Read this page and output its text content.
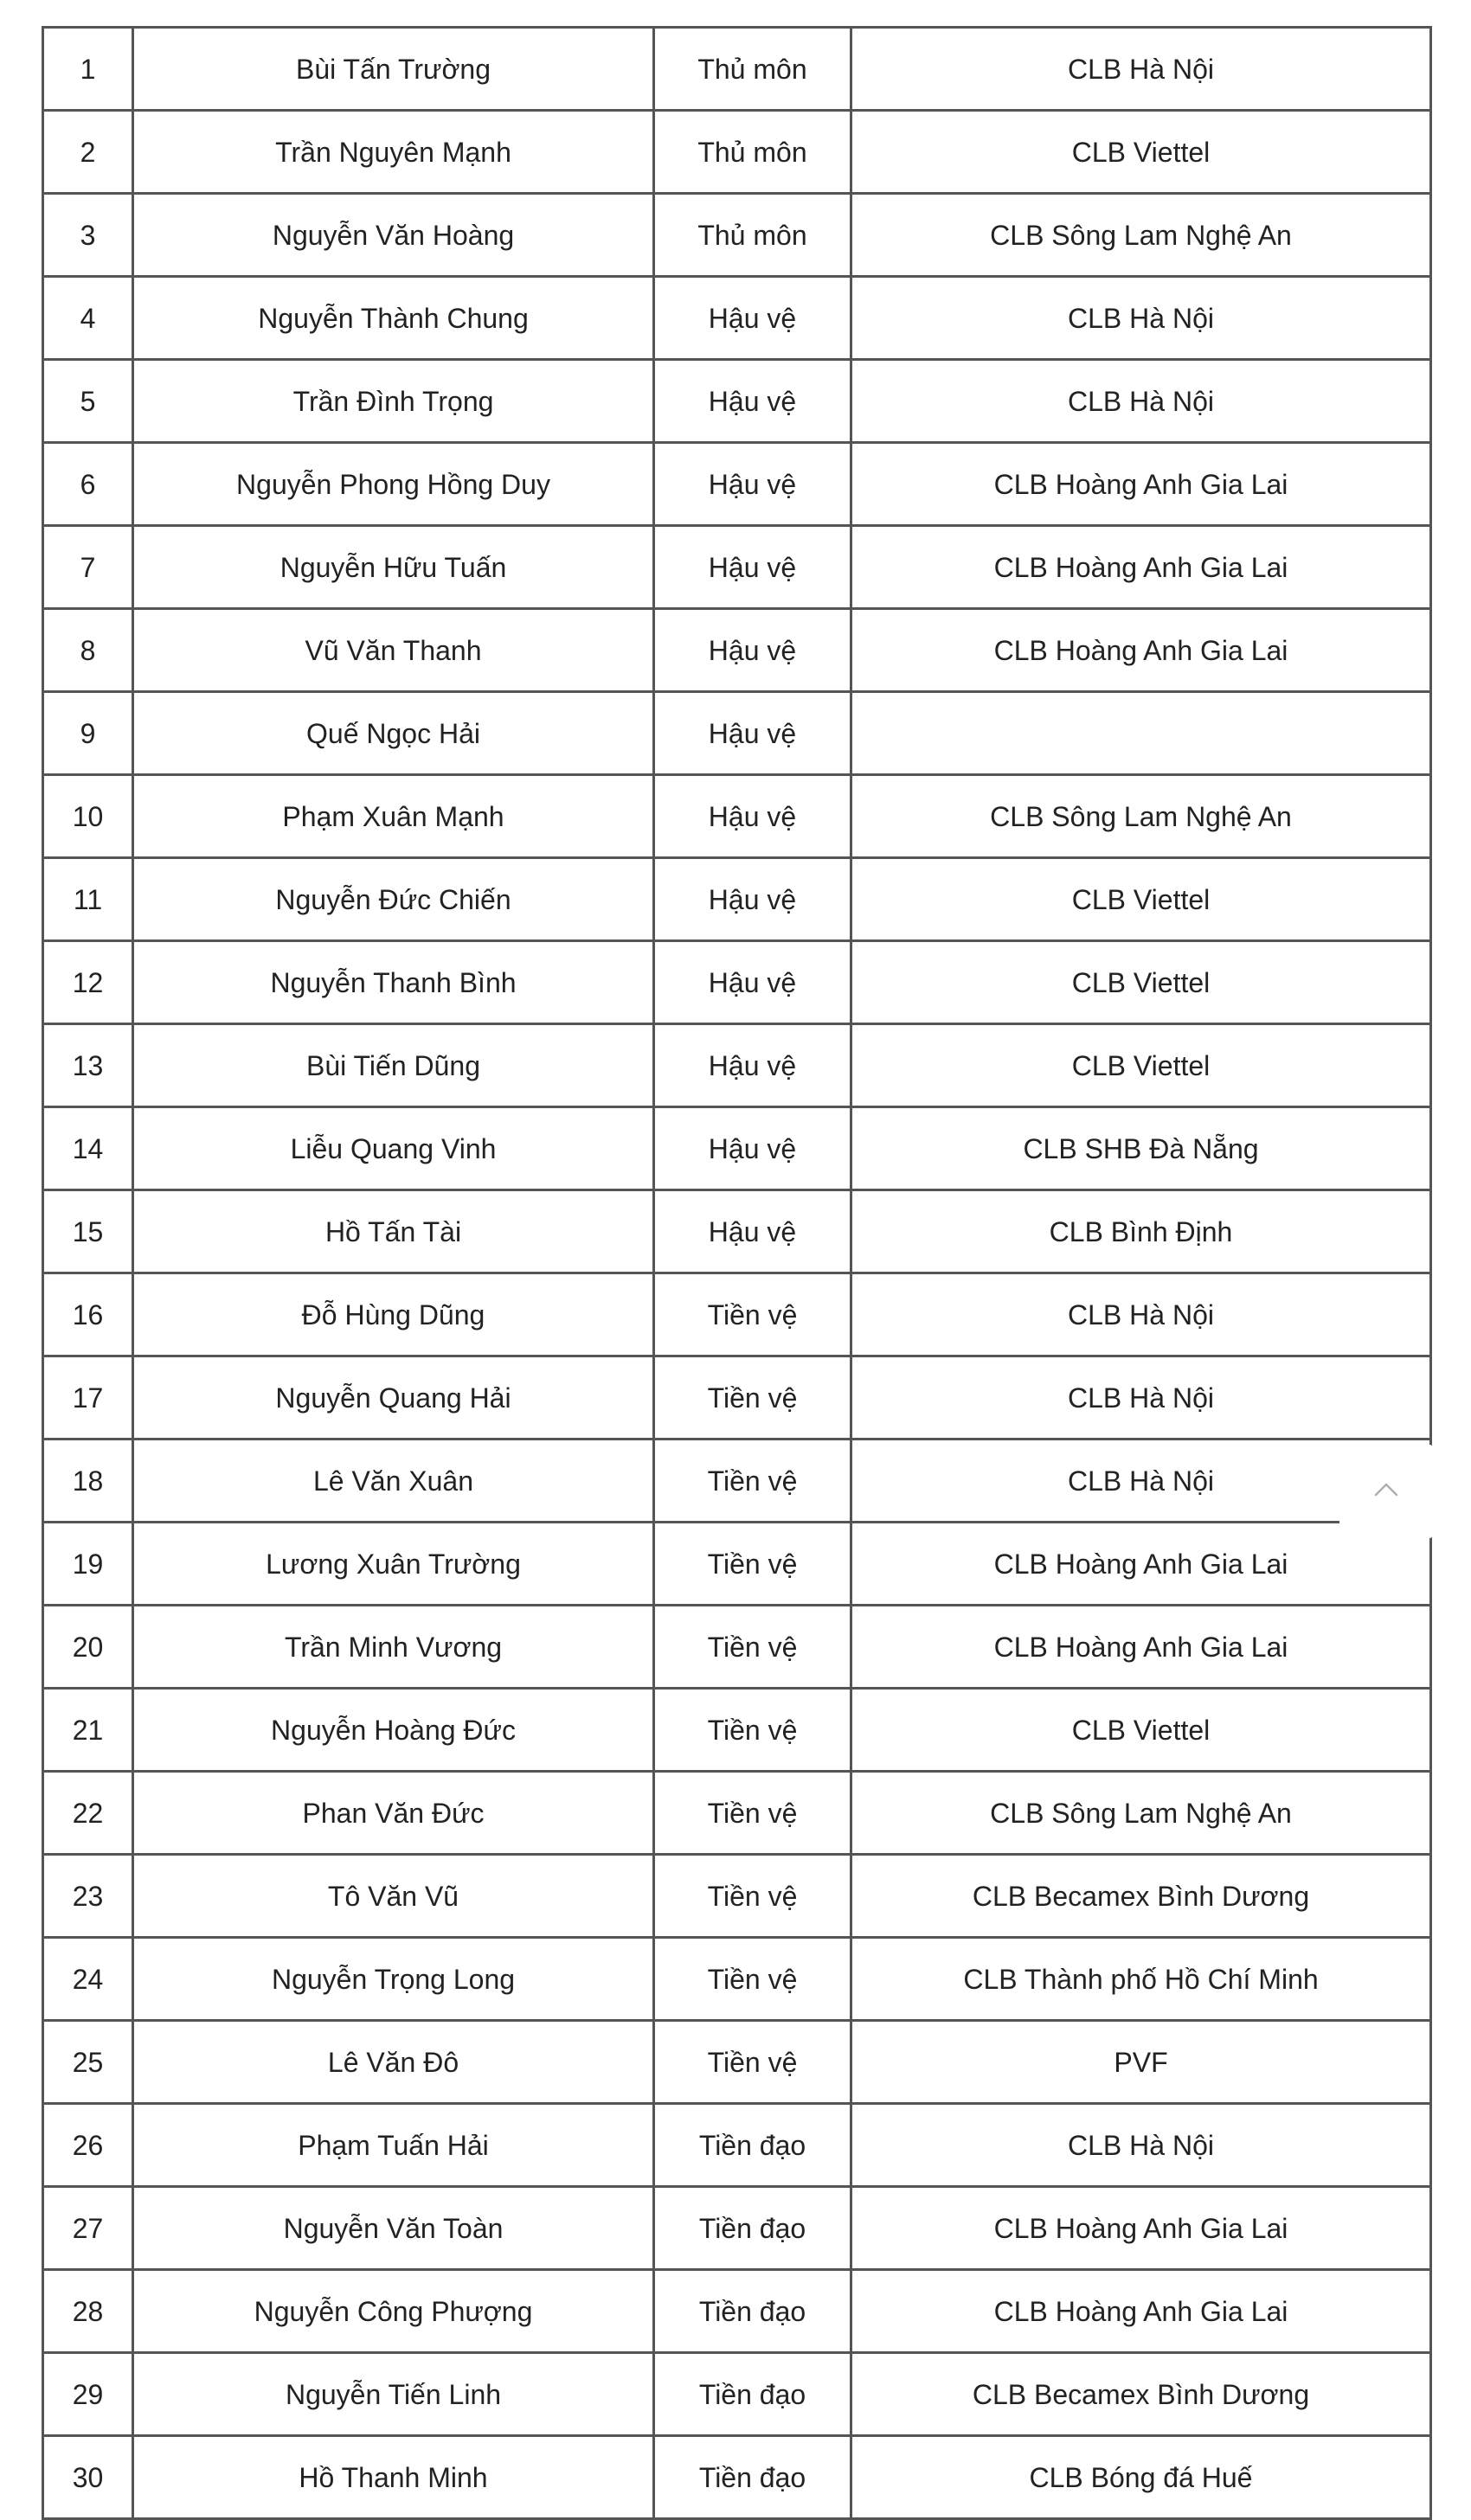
1	Bùi Tấn Trường	Thủ môn	CLB Hà Nội
2	Trần Nguyên Mạnh	Thủ môn	CLB Viettel
3	Nguyễn Văn Hoàng	Thủ môn	CLB Sông Lam Nghệ An
4	Nguyễn Thành Chung	Hậu vệ	CLB Hà Nội
5	Trần Đình Trọng	Hậu vệ	CLB Hà Nội
6	Nguyễn Phong Hồng Duy	Hậu vệ	CLB Hoàng Anh Gia Lai
7	Nguyễn Hữu Tuấn	Hậu vệ	CLB Hoàng Anh Gia Lai
8	Vũ Văn Thanh	Hậu vệ	CLB Hoàng Anh Gia Lai
9	Quế Ngọc Hải	Hậu vệ	
10	Phạm Xuân Mạnh	Hậu vệ	CLB Sông Lam Nghệ An
11	Nguyễn Đức Chiến	Hậu vệ	CLB Viettel
12	Nguyễn Thanh Bình	Hậu vệ	CLB Viettel
13	Bùi Tiến Dũng	Hậu vệ	CLB Viettel
14	Liễu Quang Vinh	Hậu vệ	CLB SHB Đà Nẵng
15	Hồ Tấn Tài	Hậu vệ	CLB Bình Định
16	Đỗ Hùng Dũng	Tiền vệ	CLB Hà Nội
17	Nguyễn Quang Hải	Tiền vệ	CLB Hà Nội
18	Lê Văn Xuân	Tiền vệ	CLB Hà Nội
19	Lương Xuân Trường	Tiền vệ	CLB Hoàng Anh Gia Lai
20	Trần Minh Vương	Tiền vệ	CLB Hoàng Anh Gia Lai
21	Nguyễn Hoàng Đức	Tiền vệ	CLB Viettel
22	Phan Văn Đức	Tiền vệ	CLB Sông Lam Nghệ An
23	Tô Văn Vũ	Tiền vệ	CLB Becamex Bình Dương
24	Nguyễn Trọng Long	Tiền vệ	CLB Thành phố Hồ Chí Minh
25	Lê Văn Đô	Tiền vệ	PVF
26	Phạm Tuấn Hải	Tiền đạo	CLB Hà Nội
27	Nguyễn Văn Toàn	Tiền đạo	CLB Hoàng Anh Gia Lai
28	Nguyễn Công Phượng	Tiền đạo	CLB Hoàng Anh Gia Lai
29	Nguyễn Tiến Linh	Tiền đạo	CLB Becamex Bình Dương
30	Hồ Thanh Minh	Tiền đạo	CLB Bóng đá Huế
